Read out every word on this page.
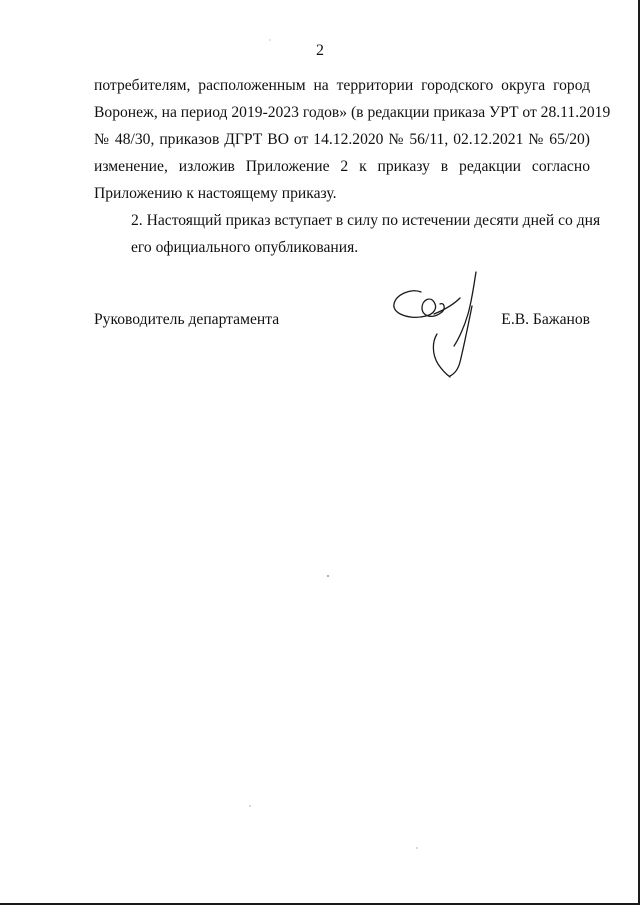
2

потребителям, расположенным на территории городского округа город
Воронеж, на период 2019-2023 годов» (в редакции приказа УРТ от 28.11.2019
№ 48/30, приказов ДГРТ ВО от 14.12.2020 № 56/11, 02.12.2021 № 65/20)
изменение, изложив Приложение 2 к приказу в редакции согласно
Приложению к настоящему приказу.

2. Настоящий приказ вступает в силу по истечении десяти дней со дня
его официального опубликования.

Руководитель департамента	Е.В. Бажанов
